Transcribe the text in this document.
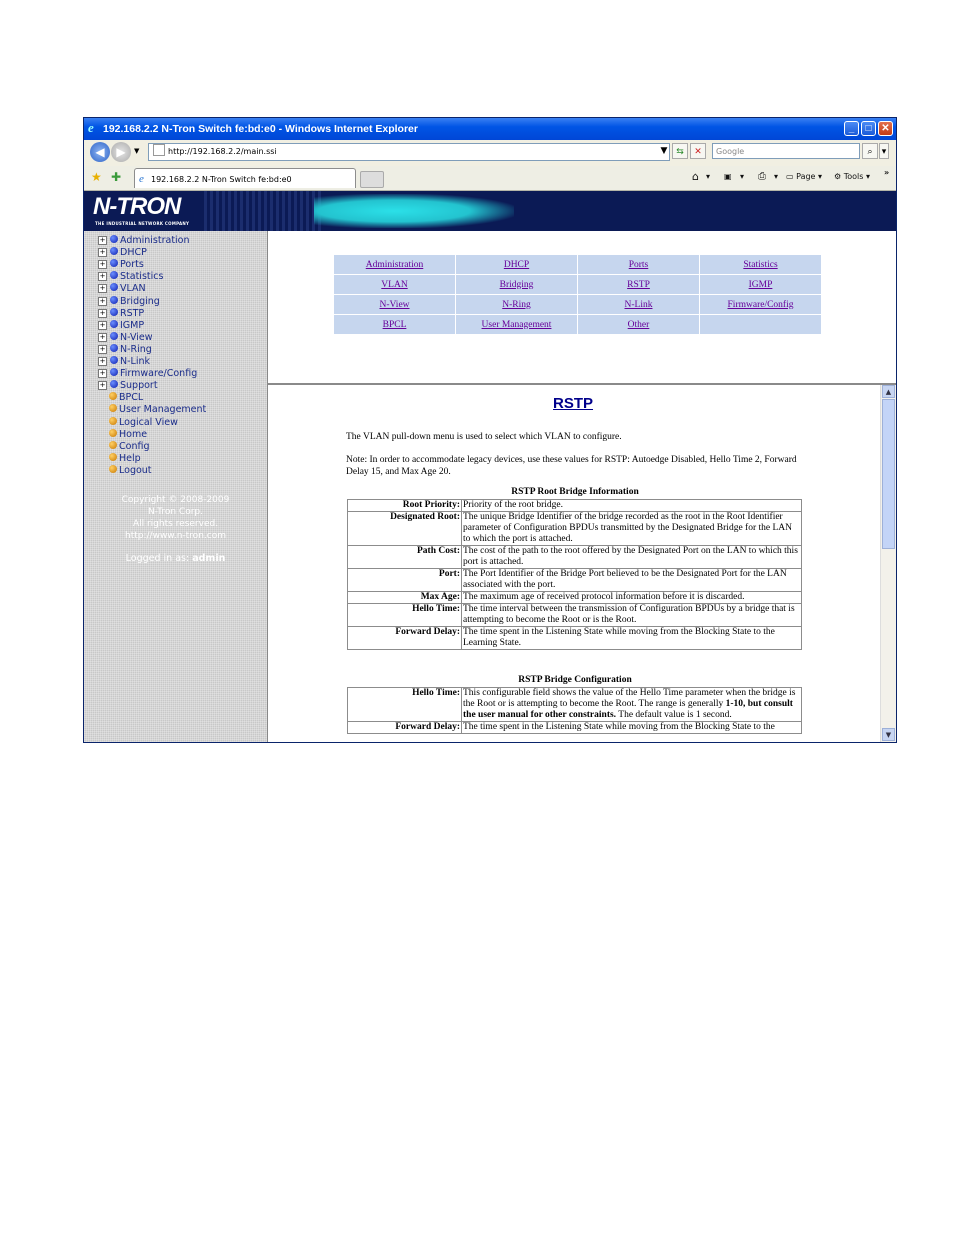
e 192.168.2.2 N-Tron Switch fe:bd:e0 - Windows Internet Explorer	_	□ ✕
◀ ▶	▼	http://192.168.2.2/main.ssi	▼ ⇆	✕	Google	⌕	▾
★ ✚	e 192.168.2.2 N-Tron Switch fe:bd:e0	⌂ ▾ ▣ ▾ ⎙ ▾ ▭ Page ▾ ⚙ Tools ▾ »
N-TRON
THE INDUSTRIAL NETWORK COMPANY
+ Administration
+ DHCP
+ Ports
+ Statistics
+ VLAN
+ Bridging
+ RSTP
+ IGMP
+ N-View
+ N-Ring
+ N-Link
+ Firmware/Config
+ Support
BPCL
User Management
Logical View
Home
Config
Help
Logout
Copyright © 2008-2009
N-Tron Corp.
All rights reserved.
http://www.n-tron.com
Logged in as: admin
Administration	DHCP	Ports	Statistics
VLAN	Bridging	RSTP	IGMP
N-View	N-Ring	N-Link	Firmware/Config
BPCL	User Management	Other	
RSTP
The VLAN pull-down menu is used to select which VLAN to configure.
Note: In order to accommodate legacy devices, use these values for RSTP: Autoedge Disabled, Hello Time 2, Forward Delay 15, and Max Age 20.
RSTP Root Bridge Information
Root Priority:	Priority of the root bridge.
Designated Root:	The unique Bridge Identifier of the bridge recorded as the root in the Root Identifier parameter of Configuration BPDUs transmitted by the Designated Bridge for the LAN to which the port is attached.
Path Cost:	The cost of the path to the root offered by the Designated Port on the LAN to which this port is attached.
Port:	The Port Identifier of the Bridge Port believed to be the Designated Port for the LAN associated with the port.
Max Age:	The maximum age of received protocol information before it is discarded.
Hello Time:	The time interval between the transmission of Configuration BPDUs by a bridge that is attempting to become the Root or is the Root.
Forward Delay:	The time spent in the Listening State while moving from the Blocking State to the Learning State.
RSTP Bridge Configuration
Hello Time:	This configurable field shows the value of the Hello Time parameter when the bridge is the Root or is attempting to become the Root. The range is generally 1-10, but consult the user manual for other constraints. The default value is 1 second.
Forward Delay:	The time spent in the Listening State while moving from the Blocking State to the
▲
▼
